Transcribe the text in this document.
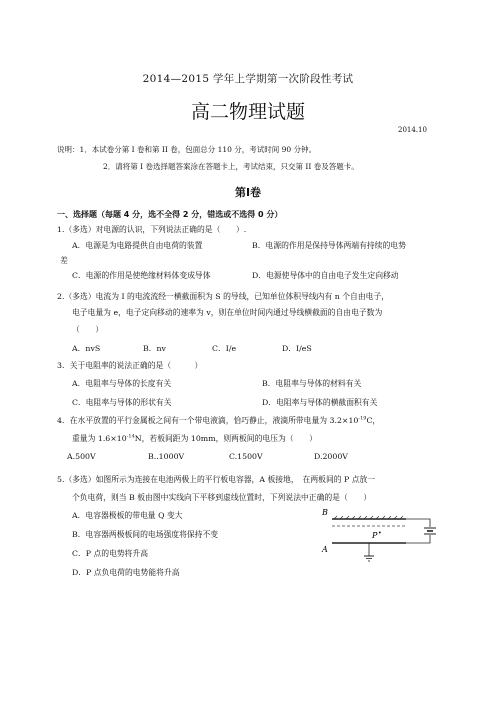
2014—2015 学年上学期第一次阶段性考试
高二物理试题
2014.10
说明：1．本试卷分第 I 卷和第 II 卷，包面总分 110 分，考试时间 90 分钟。
2．请将第 I 卷选择题答案涂在答题卡上，考试结束，只交第 II 卷及答题卡。
第Ⅰ卷
一、选择题（每题 4 分，选不全得 2 分，错选或不选得 0 分）
1.（多选）对电源的认识，下列说法正确的是（　　）.
A．电源是为电路提供自由电荷的装置	B．电源的作用是保持导体两端有持续的电势
差
C．电源的作用是使绝缘材料体变成导体	D．电源使导体中的自由电子发生定向移动
2.（多选）电流为 I 的电流流经一横截面积为 S 的导线，已知单位体积导线内有 n 个自由电子，
电子电量为 e，电子定向移动的速率为 v，则在单位时间内通过导线横截面的自由电子数为
（　　）
A．nvS	B．nv	C．I/e	D．I/eS
3．关于电阻率的说法正确的是（　　　）
A．电阻率与导体的长度有关	B．电阻率与导体的材料有关
C．电阻率与导体的形状有关	D．电阻率与导体的横截面积有关
4．在水平放置的平行金属板之间有一个带电液滴，恰巧静止，液滴所带电量为 $3.2\times 10^{-19}C$，
重量为 $1.6\times 10^{-14}N$，若板间距为 10mm，则两板间的电压为（　　）
A.500V	B..1000V	C.1500V	D.2000V
5.（多选）如图所示为连接在电池两极上的平行板电容器，A 板接地，　在两板间的 P 点放一
个负电荷，则当 B 板由图中实线向下平移到虚线位置时，下列说法中正确的是（　　）
A．电容器极板的带电量 Q 变大
B．电容器两极板间的电场强度将保持不变
C．P 点的电势将升高
D．P 点负电荷的电势能将升高
B
P •
A
